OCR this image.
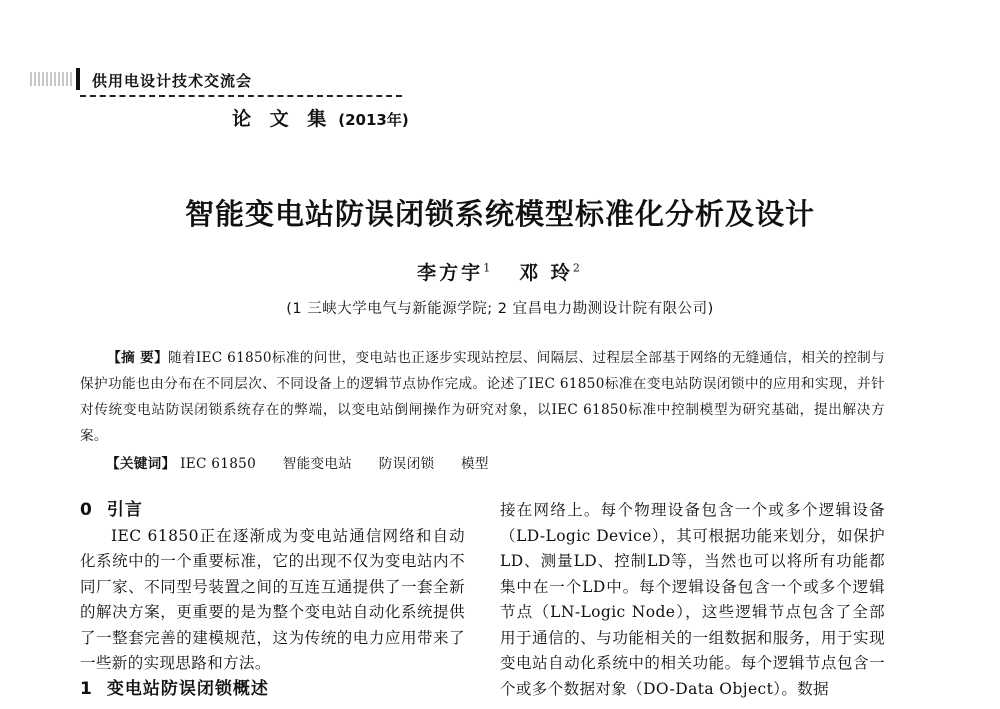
供用电设计技术交流会
论 文 集 (2013年)
智能变电站防误闭锁系统模型标准化分析及设计
李方宇$^1$ 邓 玲$^2$
(1 三峡大学电气与新能源学院; 2 宜昌电力勘测设计院有限公司)
【摘 要】随着IEC 61850标准的问世，变电站也正逐步实现站控层、间隔层、过程层全部基于网络的无缝通信，相关的控制与保护功能也由分布在不同层次、不同设备上的逻辑节点协作完成。论述了IEC 61850标准在变电站防误闭锁中的应用和实现，并针对传统变电站防误闭锁系统存在的弊端，以变电站倒闸操作为研究对象，以IEC 61850标准中控制模型为研究基础，提出解决方案。
【关键词】 IEC 61850 智能变电站 防误闭锁 模型
0 引言
IEC 61850正在逐渐成为变电站通信网络和自动化系统中的一个重要标准，它的出现不仅为变电站内不同厂家、不同型号装置之间的互连互通提供了一套全新的解决方案，更重要的是为整个变电站自动化系统提供了一整套完善的建模规范，这为传统的电力应用带来了一些新的实现思路和方法。
1 变电站防误闭锁概述
接在网络上。每个物理设备包含一个或多个逻辑设备（LD-Logic Device），其可根据功能来划分，如保护LD、测量LD、控制LD等，当然也可以将所有功能都集中在一个LD中。每个逻辑设备包含一个或多个逻辑节点（LN-Logic Node），这些逻辑节点包含了全部用于通信的、与功能相关的一组数据和服务，用于实现变电站自动化系统中的相关功能。每个逻辑节点包含一个或多个数据对象（DO-Data Object）。数据
